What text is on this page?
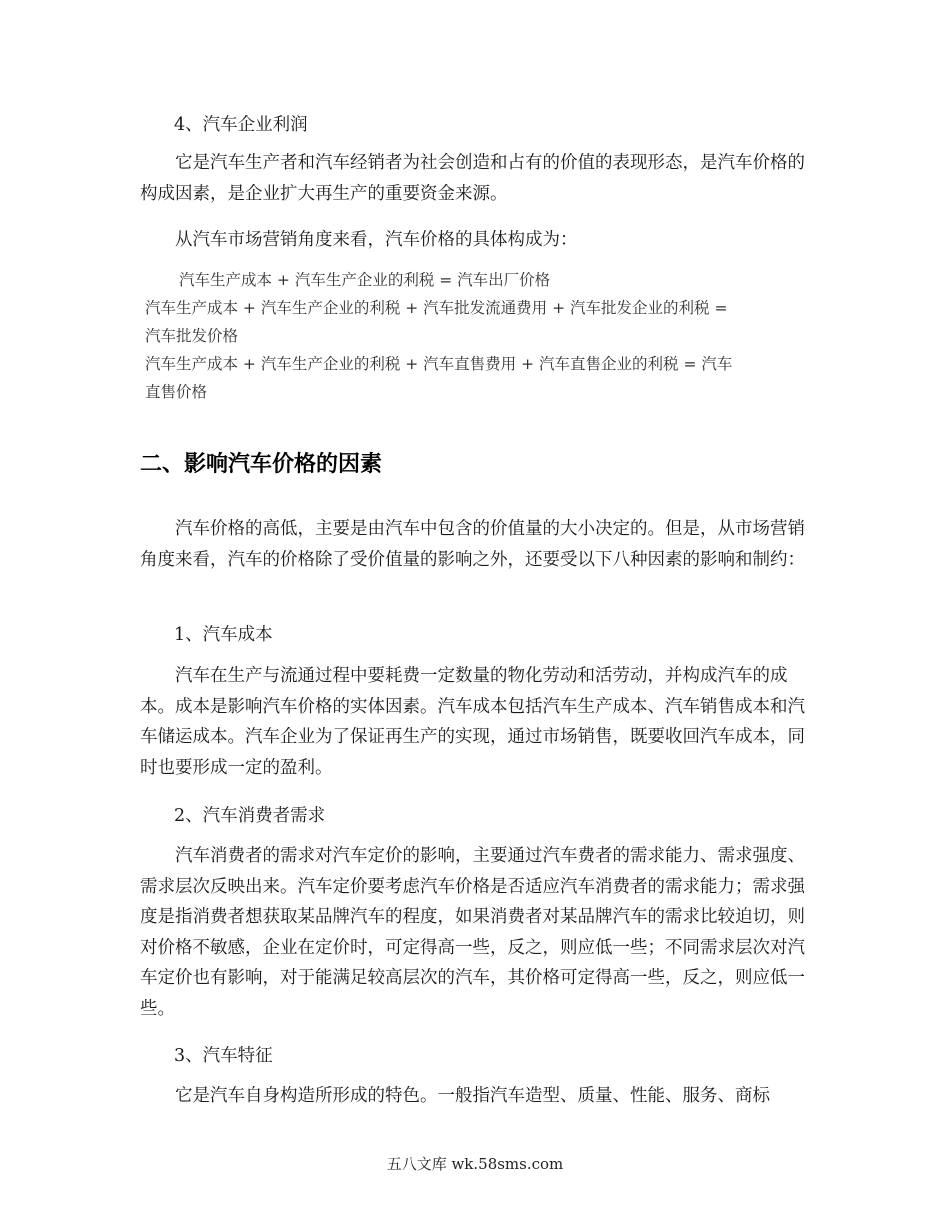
4、汽车企业利润

它是汽车生产者和汽车经销者为社会创造和占有的价值的表现形态，是汽车价格的构成因素，是企业扩大再生产的重要资金来源。

从汽车市场营销角度来看，汽车价格的具体构成为：

汽车生产成本 + 汽车生产企业的利税 = 汽车出厂价格
汽车生产成本 + 汽车生产企业的利税 + 汽车批发流通费用 + 汽车批发企业的利税 =
汽车批发价格
汽车生产成本 + 汽车生产企业的利税 + 汽车直售费用 + 汽车直售企业的利税 = 汽车
直售价格
二、影响汽车价格的因素

汽车价格的高低，主要是由汽车中包含的价值量的大小决定的。但是，从市场营销角度来看，汽车的价格除了受价值量的影响之外，还要受以下八种因素的影响和制约：

1、汽车成本

汽车在生产与流通过程中要耗费一定数量的物化劳动和活劳动，并构成汽车的成本。成本是影响汽车价格的实体因素。汽车成本包括汽车生产成本、汽车销售成本和汽车储运成本。汽车企业为了保证再生产的实现，通过市场销售，既要收回汽车成本，同时也要形成一定的盈利。

2、汽车消费者需求

汽车消费者的需求对汽车定价的影响，主要通过汽车费者的需求能力、需求强度、需求层次反映出来。汽车定价要考虑汽车价格是否适应汽车消费者的需求能力；需求强度是指消费者想获取某品牌汽车的程度，如果消费者对某品牌汽车的需求比较迫切，则对价格不敏感，企业在定价时，可定得高一些，反之，则应低一些；不同需求层次对汽车定价也有影响，对于能满足较高层次的汽车，其价格可定得高一些，反之，则应低一些。

3、汽车特征

它是汽车自身构造所形成的特色。一般指汽车造型、质量、性能、服务、商标

五八文库 wk.58sms.com
